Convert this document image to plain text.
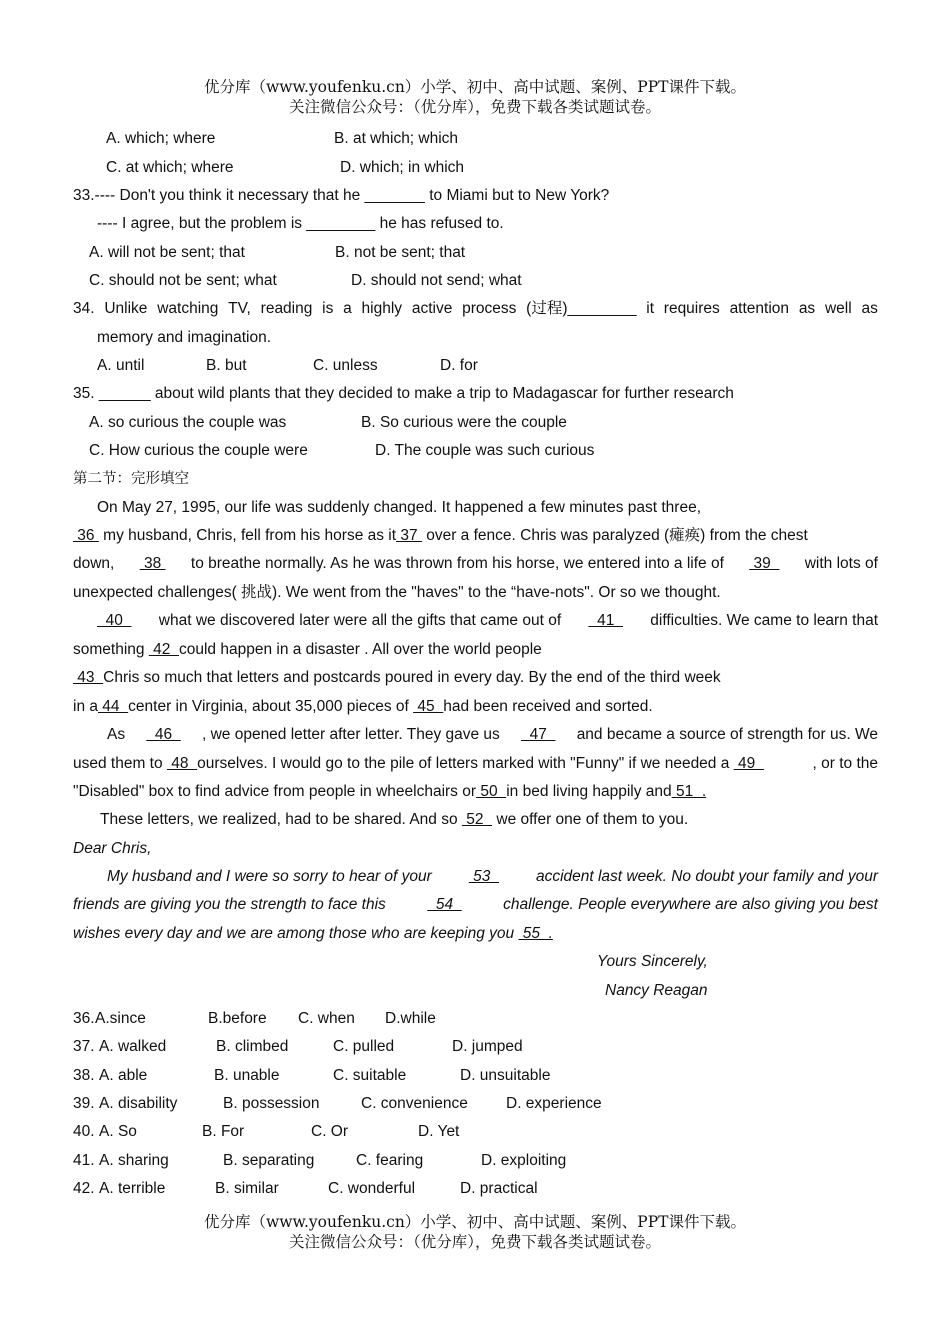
优分库（www.youfenku.cn）小学、初中、高中试题、案例、PPT课件下载。
关注微信公众号：（优分库），免费下载各类试题试卷。
A. which; where	B. at which; which
C. at which; where	D. which; in which
33.---- Don't you think it necessary that he _______ to Miami but to New York?
---- I agree, but the problem is ________ he has refused to.
A. will not be sent; that	B. not be sent; that
C. should not be sent; what	D. should not send; what
34. Unlike watching TV, reading is a highly active process (过程)________ it requires attention as well as
memory and imagination.
A. until	B. but	C. unless	D. for
35. ______ about wild plants that they decided to make a trip to Madagascar for further research
A. so curious the couple was	B. So curious were the couple
C. How curious the couple were	D. The couple was such curious
第二节：完形填空
On May 27, 1995, our life was suddenly changed. It happened a few minutes past three,
36  my husband, Chris, fell from his horse as it 37  over a fence. Chris was paralyzed (瘫痪) from the chest
down, 38 to breathe normally. As he was thrown from his horse, we entered into a life of 39 with lots of
unexpected challenges( 挑战). We went from the "haves" to the “have-nots". Or so we thought.
40 what we discovered later were all the gifts that came out of 41 difficulties. We came to learn that
something  42  could happen in a disaster . All over the world people
43  Chris so much that letters and postcards poured in every day. By the end of the third week
in a 44  center in Virginia, about 35,000 pieces of  45  had been received and sorted.
As 46 , we opened letter after letter. They gave us 47 and became a source of strength for us. We
used them to  48  ourselves. I would go to the pile of letters marked with "Funny" if we needed a  49	, or to the
"Disabled" box to find advice from people in wheelchairs or 50  in bed living happily and 51  .
These letters, we realized, had to be shared. And so  52   we offer one of them to you.
Dear Chris,
My husband and I were so sorry to hear of your 53 accident last week. No doubt your family and your
friends are giving you the strength to face this	54	challenge. People everywhere are also giving you best
wishes every day and we are among those who are keeping you  55  .
Yours Sincerely,
Nancy Reagan
36. A.since	B.before C. when D.while
37. A. walked	B. climbed	C. pulled	D. jumped
38. A. able	B. unable	C. suitable	D. unsuitable
39. A. disability	B. possession	C. convenience D. experience
40. A. So	B. For	C. Or	D. Yet
41. A. sharing	B. separating	C. fearing	D. exploiting
42. A. terrible	B. similar	C. wonderful	D. practical
优分库（www.youfenku.cn）小学、初中、高中试题、案例、PPT课件下载。
关注微信公众号：（优分库），免费下载各类试题试卷。
